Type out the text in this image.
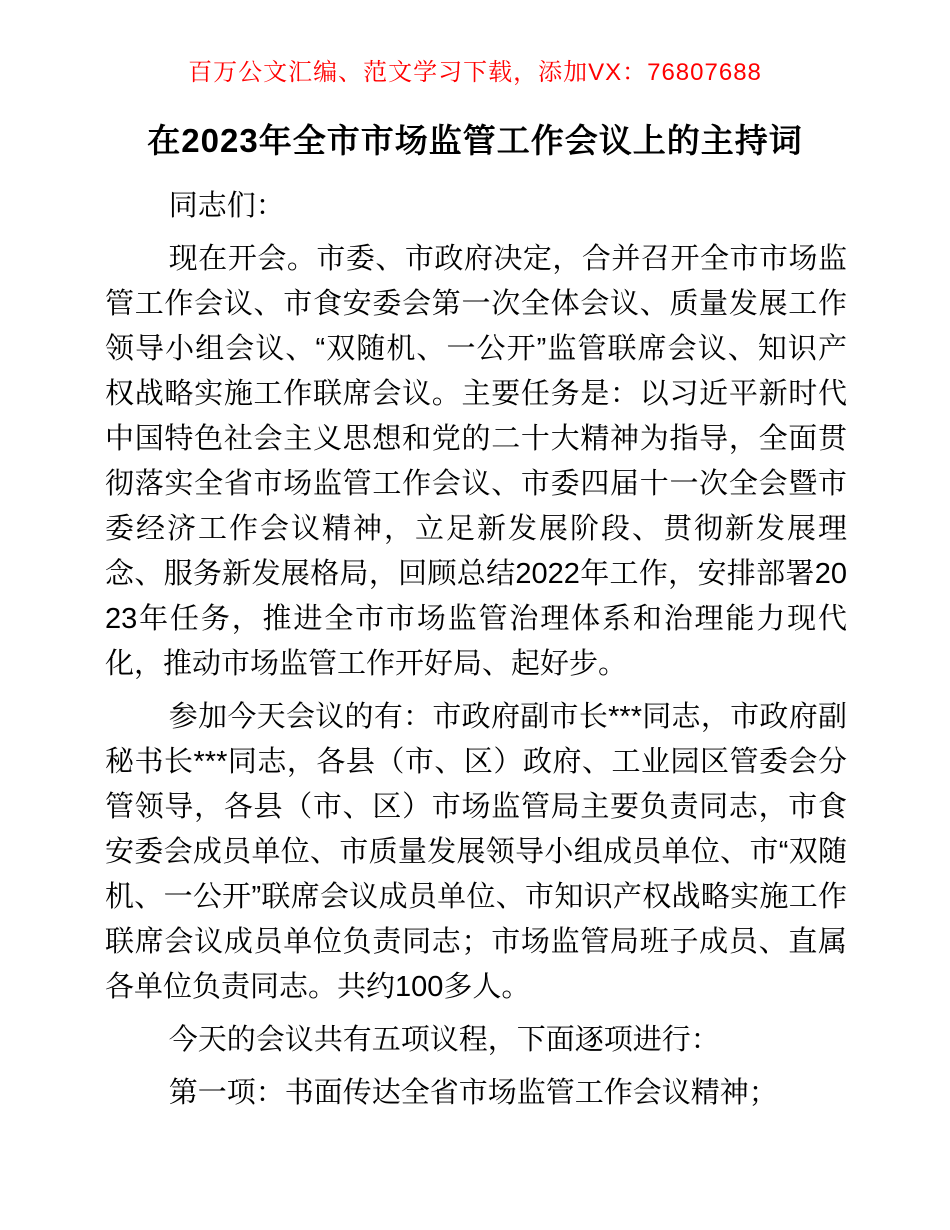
百万公文汇编、范文学习下载，添加VX：76807688
在2023年全市市场监管工作会议上的主持词

同志们：

现在开会。市委、市政府决定，合并召开全市市场监管工作会议、市食安委会第一次全体会议、质量发展工作领导小组会议、“双随机、一公开”监管联席会议、知识产权战略实施工作联席会议。主要任务是：以习近平新时代中国特色社会主义思想和党的二十大精神为指导，全面贯彻落实全省市场监管工作会议、市委四届十一次全会暨市委经济工作会议精神，立足新发展阶段、贯彻新发展理念、服务新发展格局，回顾总结2022年工作，安排部署2023年任务，推进全市市场监管治理体系和治理能力现代化，推动市场监管工作开好局、起好步。

参加今天会议的有：市政府副市长***同志，市政府副秘书长***同志，各县（市、区）政府、工业园区管委会分管领导，各县（市、区）市场监管局主要负责同志，市食安委会成员单位、市质量发展领导小组成员单位、市“双随机、一公开”联席会议成员单位、市知识产权战略实施工作联席会议成员单位负责同志；市场监管局班子成员、直属各单位负责同志。共约100多人。

今天的会议共有五项议程，下面逐项进行：

第一项：书面传达全省市场监管工作会议精神；
